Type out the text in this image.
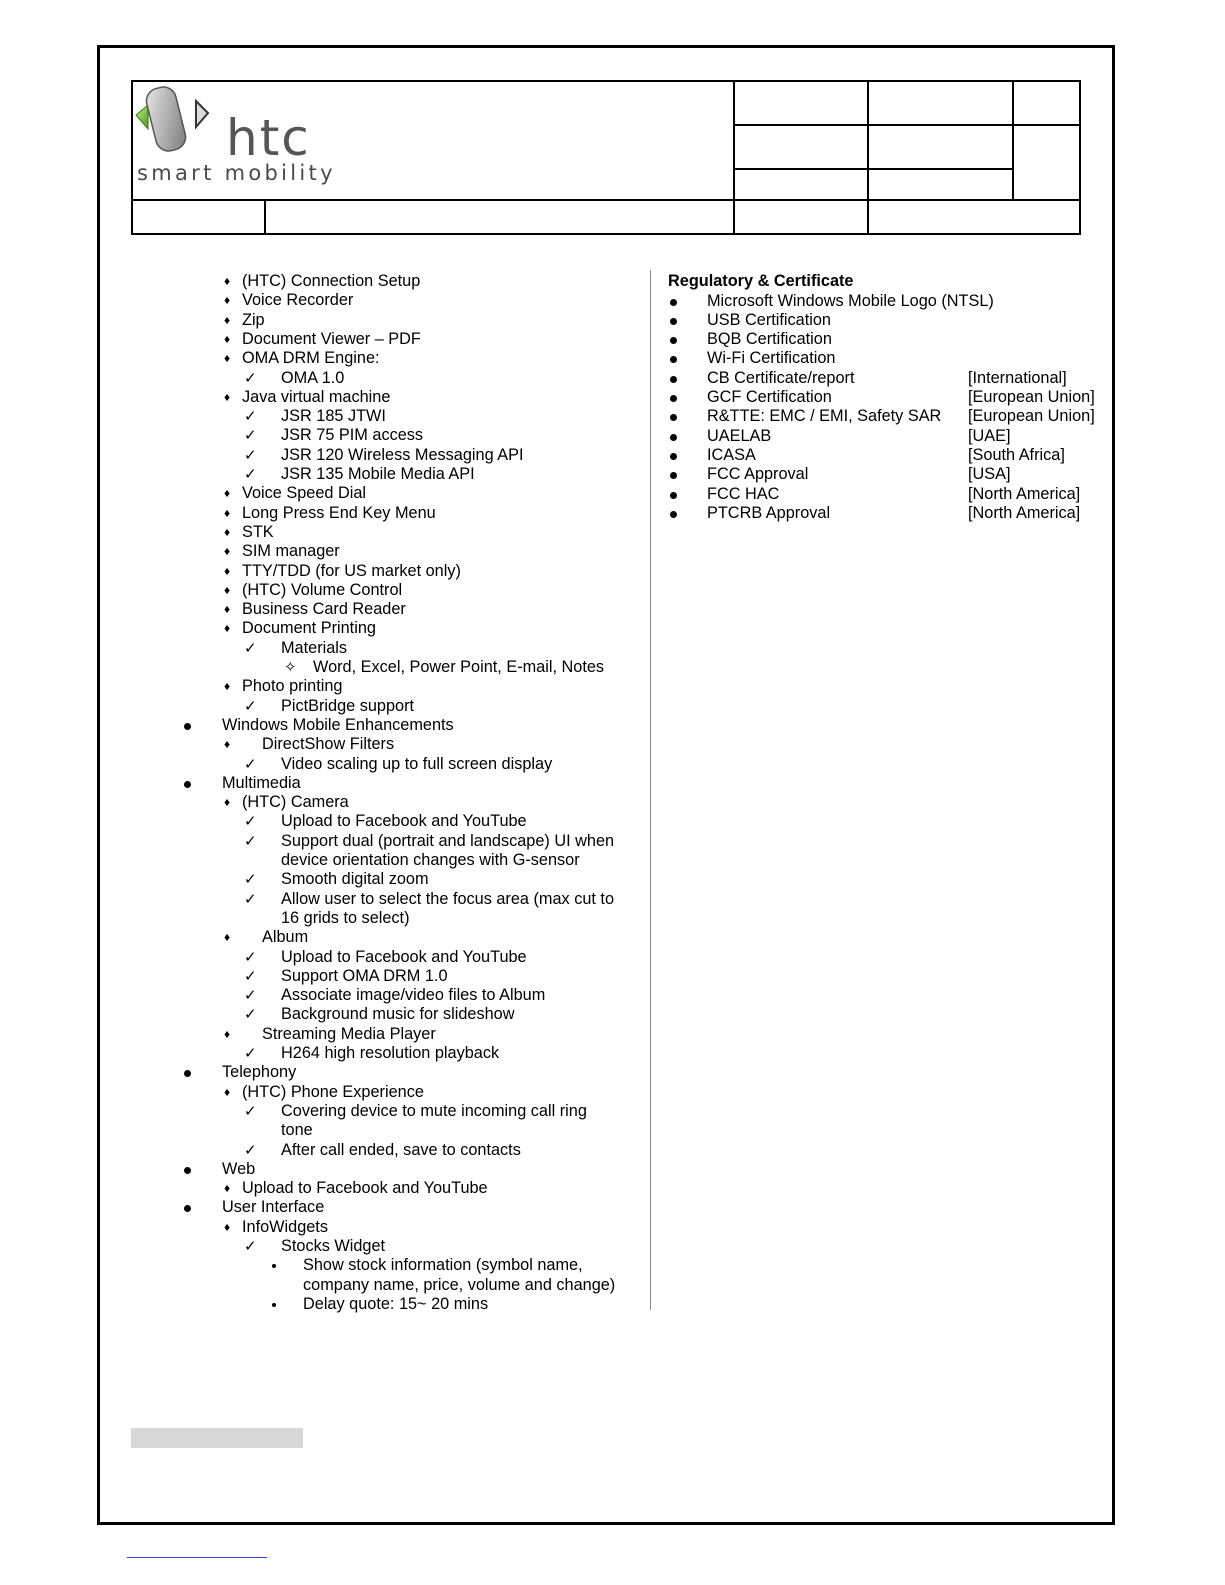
htc
smart mobility
(HTC) Connection Setup
♦
Voice Recorder
♦
Zip
♦
Document Viewer – PDF
♦
OMA DRM Engine:
♦
OMA 1.0
✓
Java virtual machine
♦
JSR 185 JTWI
✓
JSR 75 PIM access
✓
JSR 120 Wireless Messaging API
✓
JSR 135 Mobile Media API
✓
Voice Speed Dial
♦
Long Press End Key Menu
♦
STK
♦
SIM manager
♦
TTY/TDD (for US market only)
♦
(HTC) Volume Control
♦
Business Card Reader
♦
Document Printing
♦
Materials
✓
Word, Excel, Power Point, E-mail, Notes
✧
Photo printing
♦
PictBridge support
✓
Windows Mobile Enhancements
DirectShow Filters
♦
Video scaling up to full screen display
✓
Multimedia
(HTC) Camera
♦
Upload to Facebook and YouTube
✓
Support dual (portrait and landscape) UI when
✓
device orientation changes with G-sensor
Smooth digital zoom
✓
Allow user to select the focus area (max cut to
✓
16 grids to select)
Album
♦
Upload to Facebook and YouTube
✓
Support OMA DRM 1.0
✓
Associate image/video files to Album
✓
Background music for slideshow
✓
Streaming Media Player
♦
H264 high resolution playback
✓
Telephony
(HTC) Phone Experience
♦
Covering device to mute incoming call ring
✓
tone
After call ended, save to contacts
✓
Web
Upload to Facebook and YouTube
♦
User Interface
InfoWidgets
♦
Stocks Widget
✓
Show stock information (symbol name,
company name, price, volume and change)
Delay quote: 15~ 20 mins
Regulatory & Certificate
Microsoft Windows Mobile Logo (NTSL)
USB Certification
BQB Certification
Wi-Fi Certification
CB Certificate/report	[International]
GCF Certification	[European Union]
R&TTE: EMC / EMI, Safety SAR [European Union]
UAELAB	[UAE]
ICASA	[South Africa]
FCC Approval	[USA]
FCC HAC	[North America]
PTCRB Approval	[North America]
